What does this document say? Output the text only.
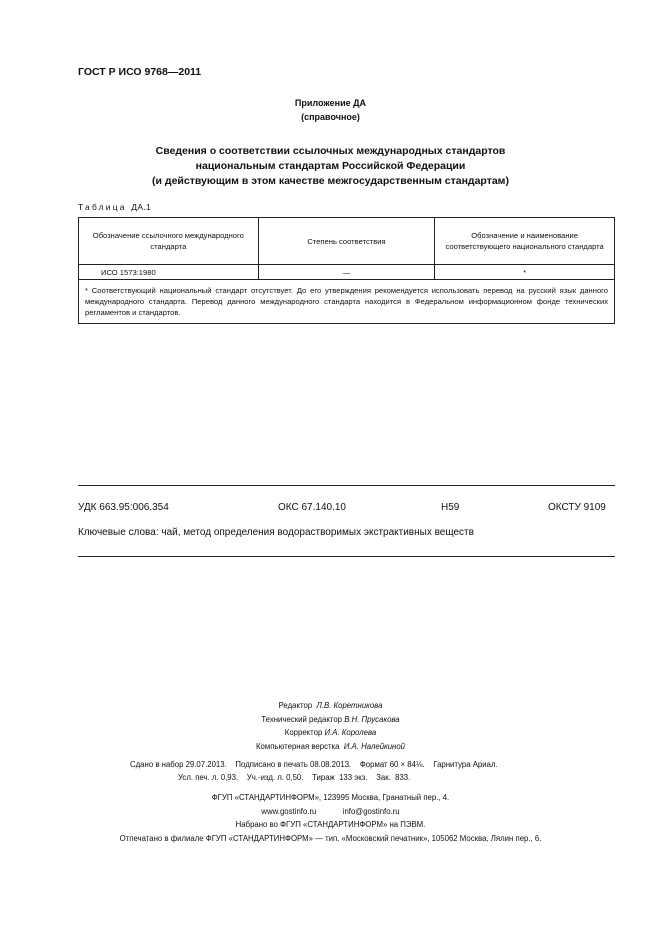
ГОСТ Р ИСО 9768—2011
Приложение ДА
(справочное)
Сведения о соответствии ссылочных международных стандартов
национальным стандартам Российской Федерации
(и действующим в этом качестве межгосударственным стандартам)
Таблица ДА.1
Обозначение ссылочного международного стандарта	Степень соответствия	Обозначение и наименование соответствующего национального стандарта
ИСО 1573:1980	—	*
* Соответствующий национальный стандарт отсутствует. До его утверждения рекомендуется использовать перевод на русский язык данного международного стандарта. Перевод данного международного стандарта находится в Федеральном информационном фонде технических регламентов и стандартов.		
УДК 663.95:006.354	ОКС 67.140.10	Н59	ОКСТУ 9109
Ключевые слова: чай, метод определения водорастворимых экстрактивных веществ
Редактор Л.В. Коретникова
Технический редактор В.Н. Прусакова
Корректор И.А. Королева
Компьютерная верстка И.А. Налейкиной
Сдано в набор 29.07.2013.    Подписано в печать 08.08.2013.    Формат 60 × 84⅛.    Гарнитура Ариал.
Усл. печ. л. 0,93.    Уч.-изд. л. 0,50.    Тираж  133 экз.    Зак.  833.
ФГУП «СТАНДАРТИНФОРМ», 123995 Москва, Гранатный пер., 4.
www.gostinfo.ru	info@gostinfo.ru
Набрано во ФГУП «СТАНДАРТИНФОРМ» на ПЭВМ.
Отпечатано в филиале ФГУП «СТАНДАРТИНФОРМ» — тип. «Московский печатник», 105062 Москва, Лялин пер., 6.
